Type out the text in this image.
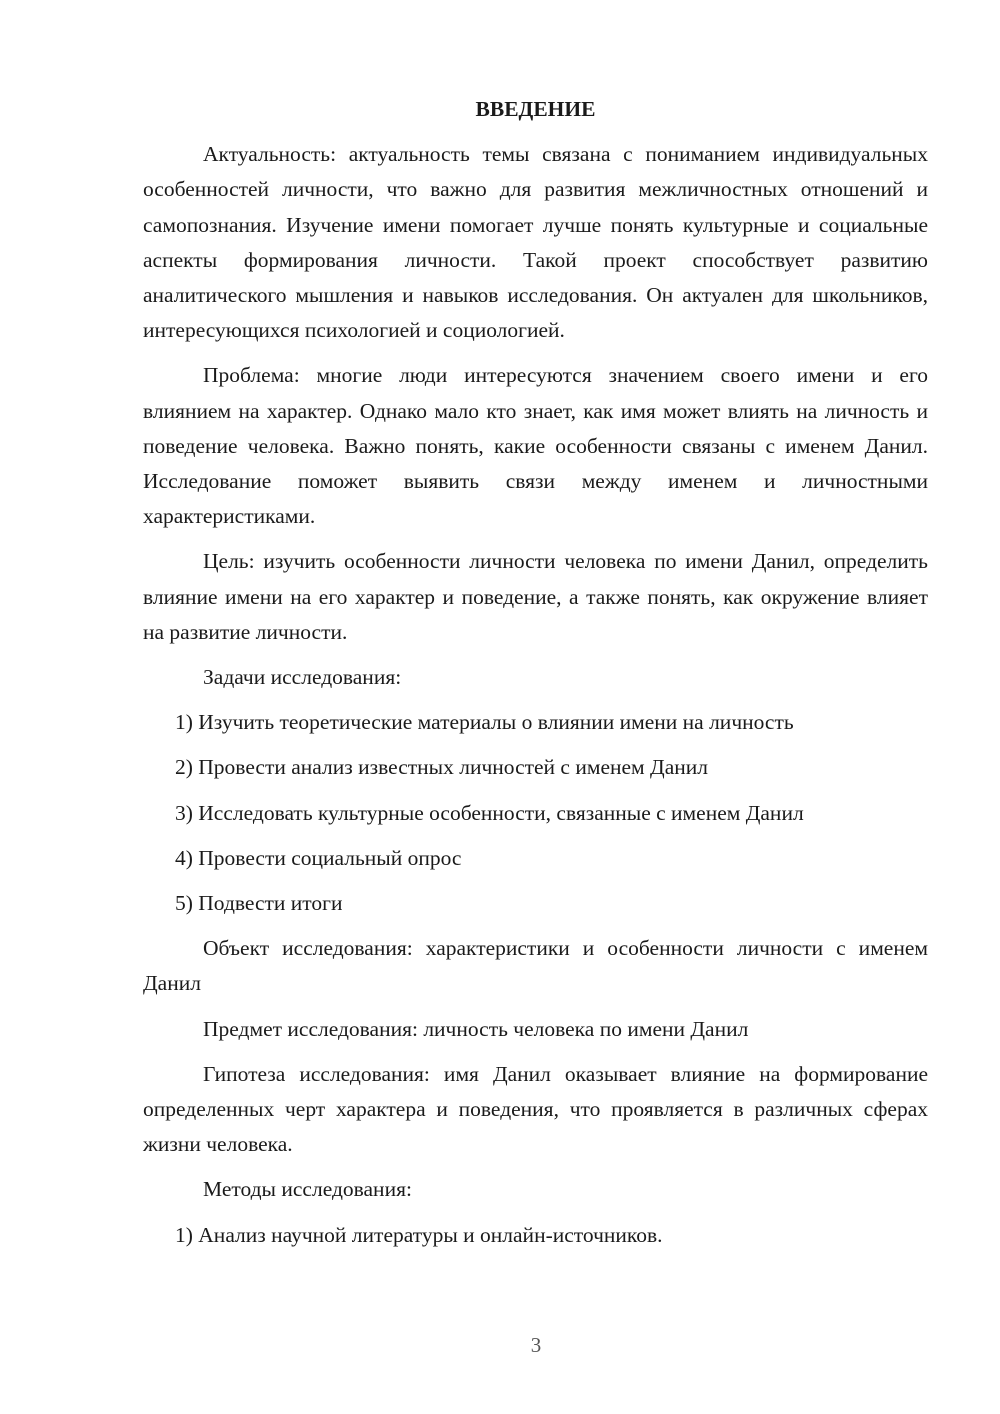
ВВЕДЕНИЕ

Актуальность: актуальность темы связана с пониманием индивидуальных особенностей личности, что важно для развития межличностных отношений и самопознания. Изучение имени помогает лучше понять культурные и социальные аспекты формирования личности. Такой проект способствует развитию аналитического мышления и навыков исследования. Он актуален для школьников, интересующихся психологией и социологией.

Проблема: многие люди интересуются значением своего имени и его влиянием на характер. Однако мало кто знает, как имя может влиять на личность и поведение человека. Важно понять, какие особенности связаны с именем Данил. Исследование поможет выявить связи между именем и личностными характеристиками.

Цель: изучить особенности личности человека по имени Данил, определить влияние имени на его характер и поведение, а также понять, как окружение влияет на развитие личности.

Задачи исследования:

1) Изучить теоретические материалы о влиянии имени на личность

2) Провести анализ известных личностей с именем Данил

3) Исследовать культурные особенности, связанные с именем Данил

4) Провести социальный опрос

5) Подвести итоги

Объект исследования: характеристики и особенности личности с именем Данил

Предмет исследования: личность человека по имени Данил

Гипотеза исследования: имя Данил оказывает влияние на формирование определенных черт характера и поведения, что проявляется в различных сферах жизни человека.

Методы исследования:

1) Анализ научной литературы и онлайн-источников.

3
